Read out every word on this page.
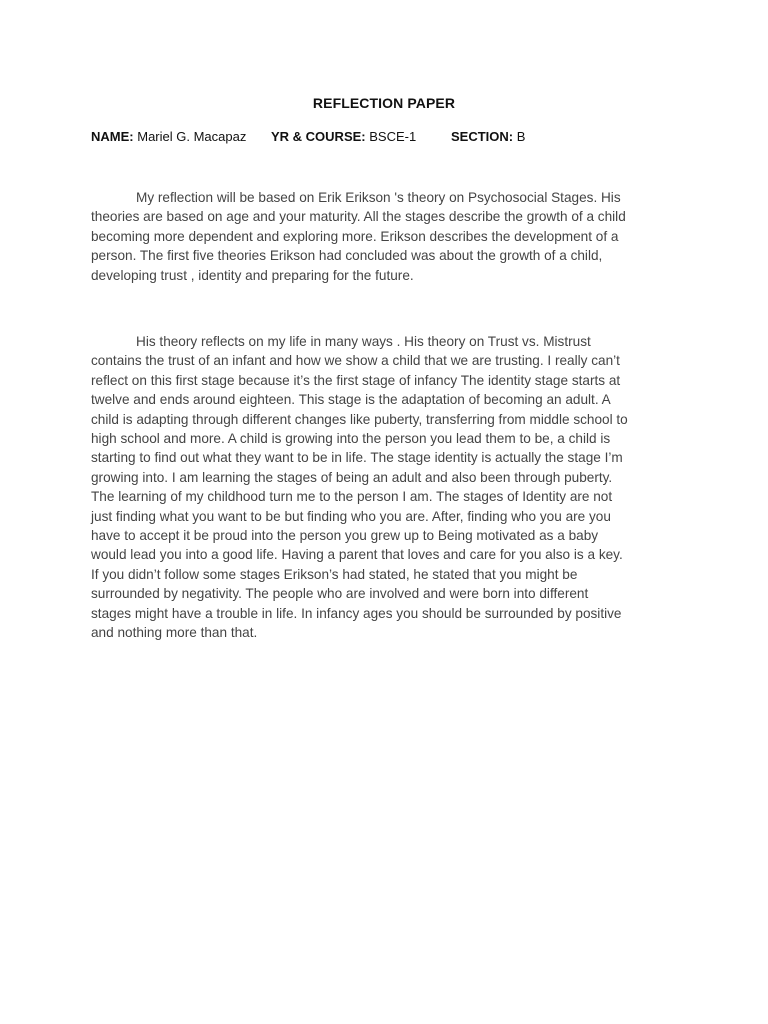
REFLECTION PAPER
NAME: Mariel G. Macapaz YR & COURSE: BSCE-1	SECTION: B

My reflection will be based on Erik Erikson 's theory on Psychosocial Stages. His
theories are based on age and your maturity. All the stages describe the growth of a child
becoming more dependent and exploring more. Erikson describes the development of a
person. The first five theories Erikson had concluded was about the growth of a child,
developing trust , identity and preparing for the future.

His theory reflects on my life in many ways . His theory on Trust vs. Mistrust
contains the trust of an infant and how we show a child that we are trusting. I really can’t
reflect on this first stage because it’s the first stage of infancy The identity stage starts at
twelve and ends around eighteen. This stage is the adaptation of becoming an adult. A
child is adapting through different changes like puberty, transferring from middle school to
high school and more. A child is growing into the person you lead them to be, a child is
starting to find out what they want to be in life. The stage identity is actually the stage I’m
growing into. I am learning the stages of being an adult and also been through puberty.
The learning of my childhood turn me to the person I am. The stages of Identity are not
just finding what you want to be but finding who you are. After, finding who you are you
have to accept it be proud into the person you grew up to Being motivated as a baby
would lead you into a good life. Having a parent that loves and care for you also is a key.
If you didn’t follow some stages Erikson’s had stated, he stated that you might be
surrounded by negativity. The people who are involved and were born into different
stages might have a trouble in life. In infancy ages you should be surrounded by positive
and nothing more than that.
